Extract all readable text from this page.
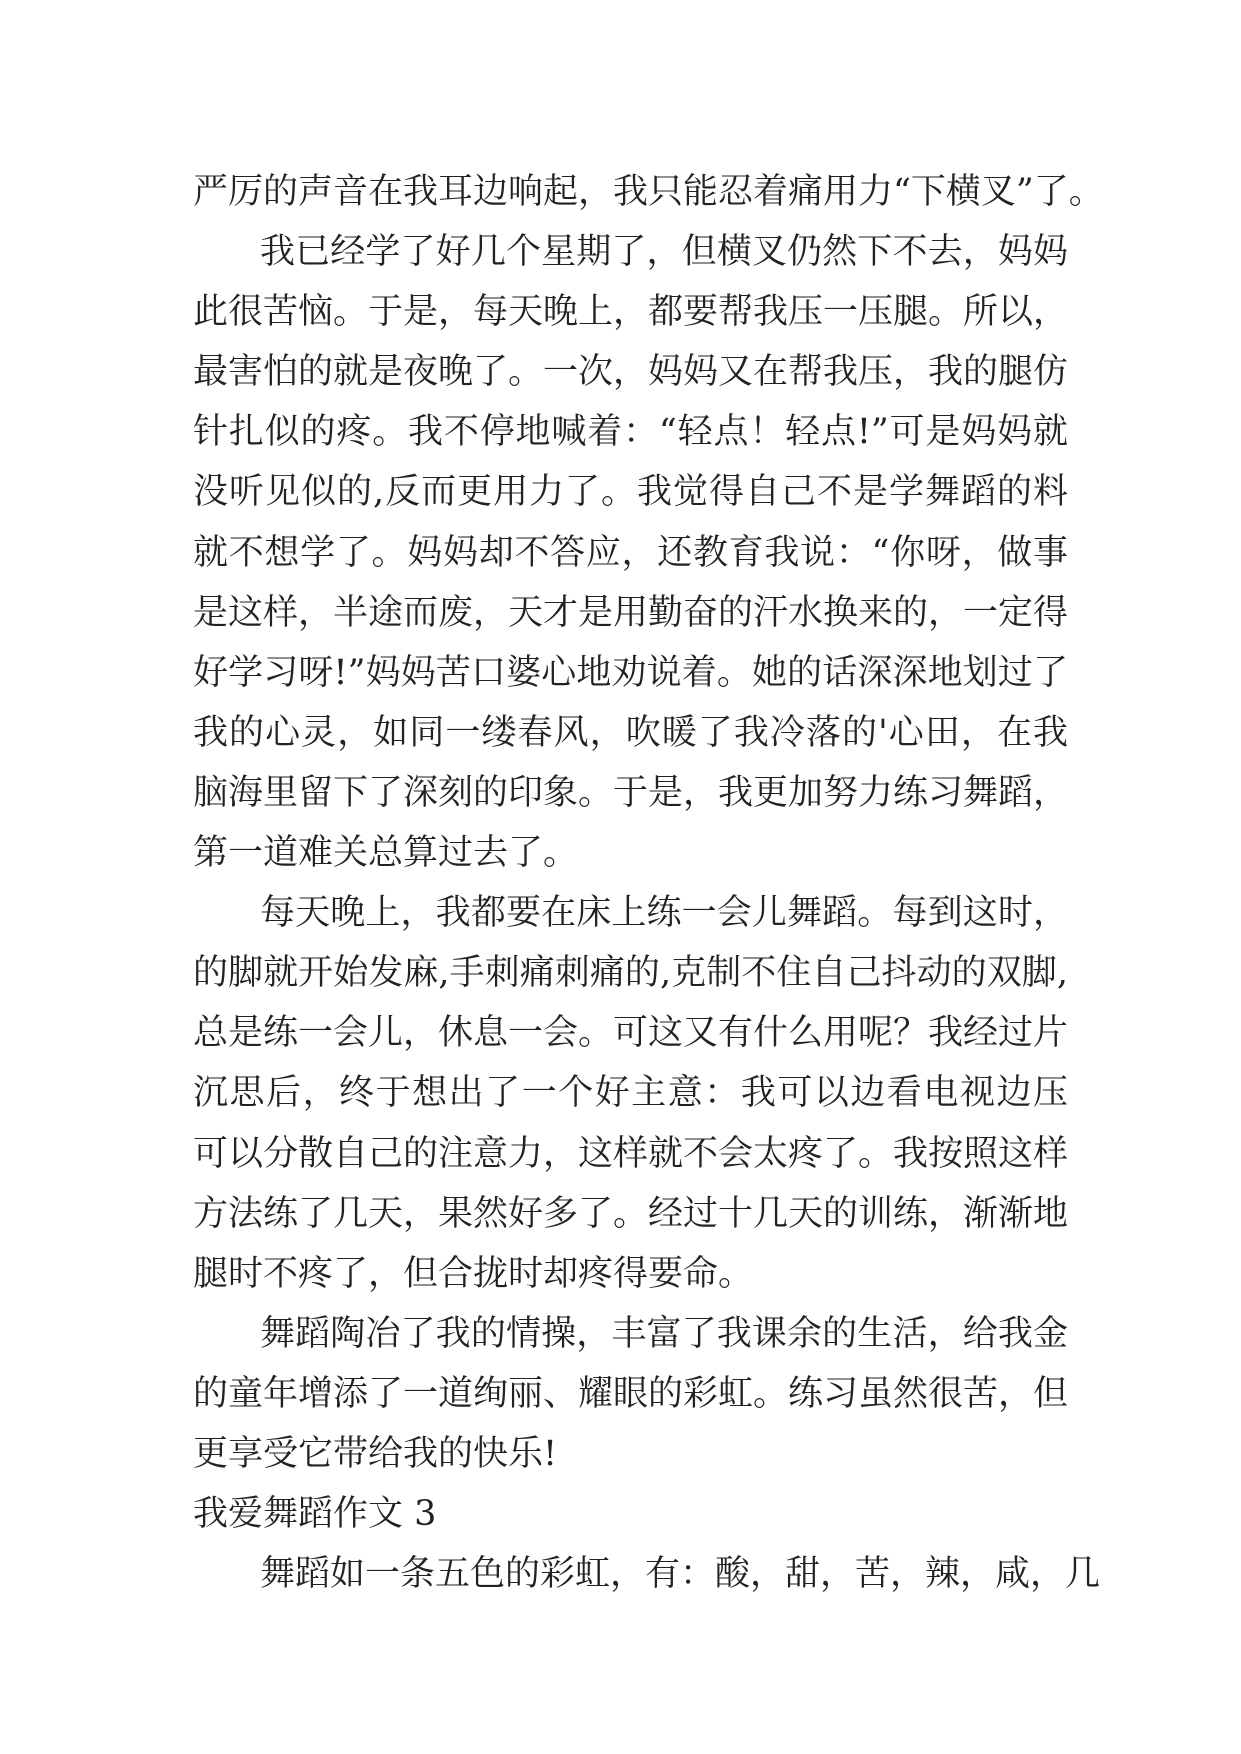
严厉的声音在我耳边响起，我只能忍着痛用力“下横叉”了。
我已经学了好几个星期了，但横叉仍然下不去，妈妈
此很苦恼。于是，每天晚上，都要帮我压一压腿。所以，
最害怕的就是夜晚了。一次，妈妈又在帮我压，我的腿仿
针扎似的疼。我不停地喊着：“轻点！轻点!”可是妈妈就
没听见似的,反而更用力了。我觉得自己不是学舞蹈的料
就不想学了。妈妈却不答应，还教育我说：“你呀，做事
是这样，半途而废，天才是用勤奋的汗水换来的，一定得
好学习呀!”妈妈苦口婆心地劝说着。她的话深深地划过了
我的心灵，如同一缕春风，吹暖了我冷落的'心田，在我
脑海里留下了深刻的印象。于是，我更加努力练习舞蹈，
第一道难关总算过去了。
每天晚上，我都要在床上练一会儿舞蹈。每到这时，
的脚就开始发麻,手刺痛刺痛的,克制不住自己抖动的双脚,
总是练一会儿，休息一会。可这又有什么用呢？我经过片
沉思后，终于想出了一个好主意：我可以边看电视边压
可以分散自己的注意力，这样就不会太疼了。我按照这样
方法练了几天，果然好多了。经过十几天的训练，渐渐地
腿时不疼了，但合拢时却疼得要命。
舞蹈陶冶了我的情操，丰富了我课余的生活，给我金
的童年增添了一道绚丽、耀眼的彩虹。练习虽然很苦，但
更享受它带给我的快乐!
我爱舞蹈作文 3
舞蹈如一条五色的彩虹，有：酸，甜，苦，辣，咸，几
